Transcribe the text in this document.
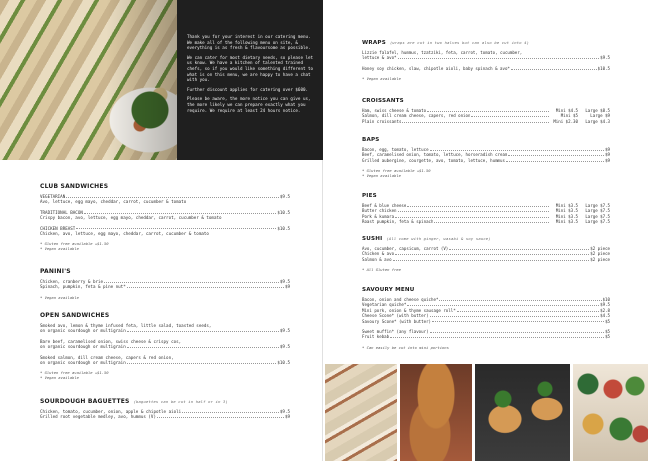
Thank you for your interest in our catering menu. We make all of the following menu on site, & everything is as fresh & flavoursome as possible.

We can cater for most dietary needs, so please let us know. We have a kitchen of talented trained chefs, so if you would like something different to what is on this menu, we are happy to have a chat with you.

Further discount applies for catering over $600.

Please be aware, the more notice you can give us, the more likely we can prepare exactly what you require. We require at least 24 hours notice.

CLUB SANDWICHES
VEGETARIAN	$9.5
Avo, lettuce, egg mayo, cheddar, carrot, cucumber & tomato
TRADITIONAL BACON	$10.5
Crispy bacon, avo, lettuce, egg mayo, cheddar, carrot, cucumber & tomato
CHICKEN BREAST	$10.5
Chicken, avo, lettuce, egg mayo, cheddar, carrot, cucumber & tomato
* Gluten free available +$1.50
* Vegan available
PANINI'S
Chicken, cranberry & brie	$9.5
Spinach, pumpkin, feta & pine nut*	$9
* Vegan available
OPEN SANDWICHES
Smoked avo, lemon & thyme infused feta, little salad, toasted seeds,
on organic sourdough or multigrain	$9.5
Bare beef, caramelised onion, swiss cheese & crispy cos,
on organic sourdough or multigrain	$9.5
Smoked salmon, dill cream cheese, capers & red onion,
on organic sourdough or multigrain	$10.5
* Gluten free available +$1.50
* Vegan available
SOURDOUGH BAGUETTES (baguettes can be cut in half or in 3)
Chicken, tomato, cucumber, onion, apple & chipotle aioli	$9.5
Grilled root vegetable medley, avo, hummus (V)	$9
WRAPS (wraps are cut in two halves but can also be cut into 4)
Lizzie falafel, hummus, tzatziki, feta, carrot, tomato, cucumber,
lettuce & avo*	$9.5
Honey soy chicken, slaw, chipotle aioli, baby spinach & avo*	$10.5
* Vegan available
CROISSANTS
Ham, swiss cheese & tomato	Mini $4.5	Large $8.5
Salmon, dill cream cheese, capers, red onion	Mini $5	Large $9
Plain croissants	Mini $2.30	Large $4.3
BAPS
Bacon, egg, tomato, lettuce	$9
Beef, caramelised onion, tomato, lettuce, horseradish cream	$9
Grilled aubergine, courgette, avo, tomato, lettuce, hummus	$9
* Gluten free available +$1.50
* Vegan available
PIES
Beef & blue cheese	Mini $3.5	Large $7.5
Butter chicken	Mini $3.5	Large $7.5
Pork & kumara	Mini $3.5	Large $7.5
Roast pumpkin, feta & spinach	Mini $3.5	Large $7.5
SUSHI (All come with ginger, wasabi & soy sauce)
Avo, cucumber, capsicum, carrot (V)	$2 piece
Chicken & avo	$2 piece
Salmon & avo	$2 piece
* All Gluten free
SAVOURY MENU
Bacon, onion and cheese quiche*	$10
Vegetarian quiche*	$9.5
Mini pork, onion & thyme sausage roll*	$2.8
Cheese Scone* (with butter)	$4.5
Savoury Scone* (with butter)	$5
Sweet muffin* (any flavour)	$5
Fruit kebab	$5
* Can easily be cut into mini portions
